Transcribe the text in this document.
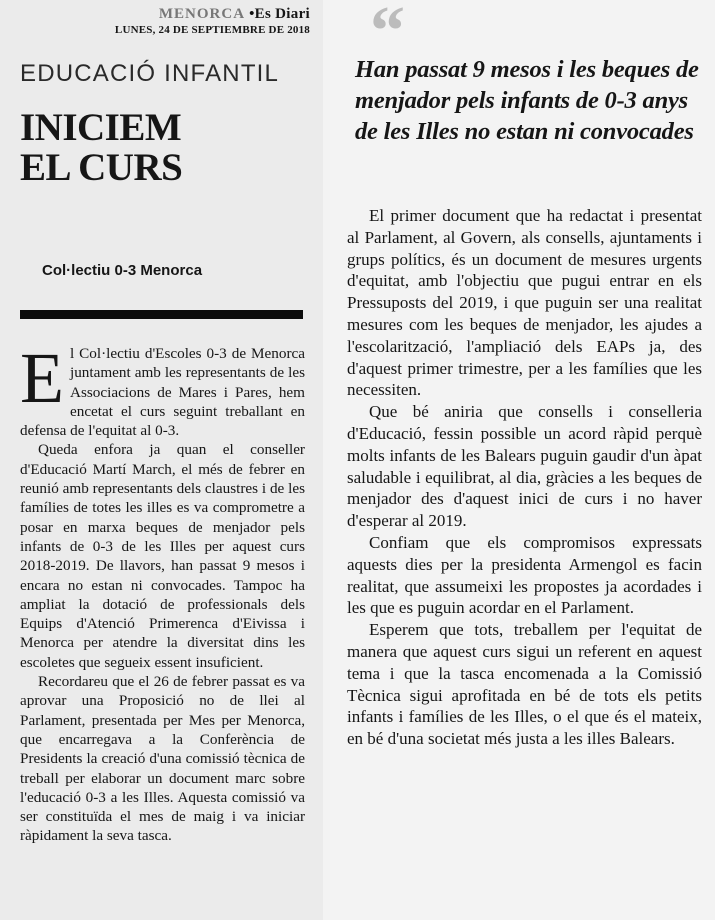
MENORCA •Es Diari
LUNES, 24 DE SEPTIEMBRE DE 2018
EDUCACIÓ INFANTIL
INICIEM EL CURS
Col·lectiu 0-3 Menorca

El Col·lectiu d'Escoles 0-3 de Menorca juntament amb les representants de les Associacions de Mares i Pares, hem encetat el curs seguint treballant en defensa de l'equitat al 0-3.

Queda enfora ja quan el conseller d'Educació Martí March, el més de febrer en reunió amb representants dels claustres i de les famílies de totes les illes es va comprometre a posar en marxa beques de menjador pels infants de 0-3 de les Illes per aquest curs 2018-2019. De llavors, han passat 9 mesos i encara no estan ni convocades. Tampoc ha ampliat la dotació de professionals dels Equips d'Atenció Primerenca d'Eivissa i Menorca per atendre la diversitat dins les escoletes que segueix essent insuficient.

Recordareu que el 26 de febrer passat es va aprovar una Proposició no de llei al Parlament, presentada per Mes per Menorca, que encarregava a la Conferència de Presidents la creació d'una comissió tècnica de treball per elaborar un document marc sobre l'educació 0-3 a les Illes. Aquesta comissió va ser constituïda el mes de maig i va iniciar ràpidament la seva tasca.

“

Han passat 9 mesos i les beques de menjador pels infants de 0-3 anys de les Illes no estan ni convocades

El primer document que ha redactat i presentat al Parlament, al Govern, als consells, ajuntaments i grups polítics, és un document de mesures urgents d'equitat, amb l'objectiu que pugui entrar en els Pressuposts del 2019, i que puguin ser una realitat mesures com les beques de menjador, les ajudes a l'escolarització, l'ampliació dels EAPs ja, des d'aquest primer trimestre, per a les famílies que les necessiten.

Que bé aniria que consells i conselleria d'Educació, fessin possible un acord ràpid perquè molts infants de les Balears puguin gaudir d'un àpat saludable i equilibrat, al dia, gràcies a les beques de menjador des d'aquest inici de curs i no haver d'esperar al 2019.

Confiam que els compromisos expressats aquests dies per la presidenta Armengol es facin realitat, que assumeixi les propostes ja acordades i les que es puguin acordar en el Parlament.

Esperem que tots, treballem per l'equitat de manera que aquest curs sigui un referent en aquest tema i que la tasca encomenada a la Comissió Tècnica sigui aprofitada en bé de tots els petits infants i famílies de les Illes, o el que és el mateix, en bé d'una societat més justa a les illes Balears.
